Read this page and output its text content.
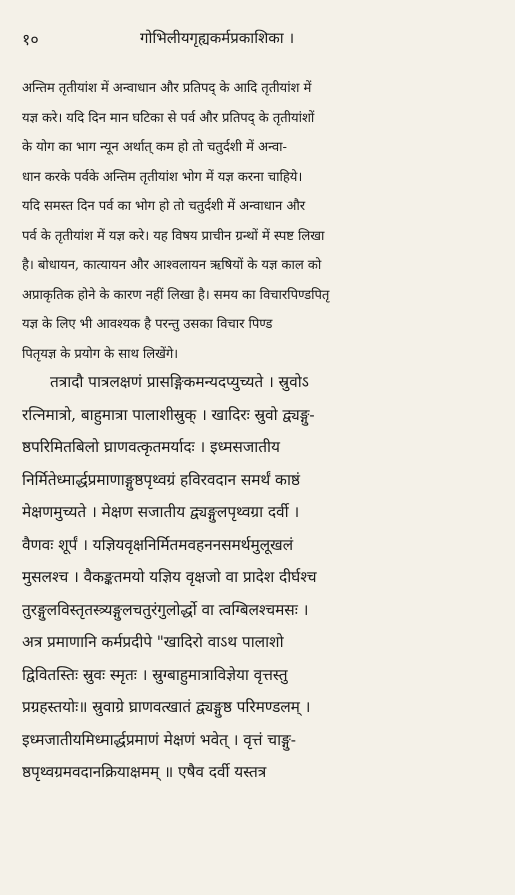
१०	गोभिलीयगृह्यकर्मप्रकाशिका ।
अन्तिम तृतीयांश में अन्वाधान और प्रतिपद् के आदि तृतीयांश में
यज्ञ करे। यदि दिन मान घटिका से पर्व और प्रतिपद् के तृतीयांशों
के योग का भाग न्यून अर्थात् कम हो तो चतुर्दशी में अन्वा-
धान करके पर्वके अन्तिम तृतीयांश भोग में यज्ञ करना चाहिये।
यदि समस्त दिन पर्व का भोग हो तो चतुर्दशी में अन्वाधान और
पर्व के तृतीयांश में यज्ञ करे। यह विषय प्राचीन ग्रन्थों में स्पष्ट लिखा
है। बोधायन, कात्यायन और आश्वलायन ऋषियों के यज्ञ काल को
अप्राकृतिक होने के कारण नहीं लिखा है। समय का विचारपिण्डपितृ
यज्ञ के लिए भी आवश्यक है परन्तु उसका विचार पिण्ड
पितृयज्ञ के प्रयोग के साथ लिखेंगे।
तत्रादौ पात्रलक्षणं प्रासङ्गिकमन्यदप्युच्यते । स्रुवोऽ
रत्निमात्रो, बाहुमात्रा पालाशीस्रुक् । खादिरः स्रुवो द्व्यङ्गु-
ष्ठपरिमितबिलो घ्राणवत्कृतमर्यादः । इध्मसजातीय
निर्मितेध्मार्द्धप्रमाणाङ्गुष्ठपृथ्वग्रं हविरवदान समर्थं काष्ठं
मेक्षणमुच्यते । मेक्षण सजातीय द्व्यङ्गुलपृथ्वग्रा दर्वी ।
वैणवः शूर्पं । यज्ञियवृक्षनिर्मितमवहननसमर्थमुलूखलं
मुसलश्च । वैकङ्कतमयो यज्ञिय वृक्षजो वा प्रादेश दीर्घश्च
तुरङ्गुलविस्तृतस्त्र्यङ्गुलचतुरंगुलोर्द्धो वा त्वग्बिलश्चमसः ।
अत्र प्रमाणानि कर्मप्रदीपे "खादिरो वाऽथ पालाशो
द्विवितस्तिः स्रुवः स्मृतः । स्रुग्बाहुमात्राविज्ञेया वृत्तस्तु
प्रग्रहस्तयोः॥ स्रुवाग्रे घ्राणवत्खातं द्व्यङ्गुष्ठ परिमण्डलम् ।
इध्मजातीयमिध्मार्द्धप्रमाणं मेक्षणं भवेत् । वृत्तं चाङ्गु-
ष्ठपृथ्वग्रमवदानक्रियाक्षमम् ॥ एषैव दर्वी यस्तत्र
